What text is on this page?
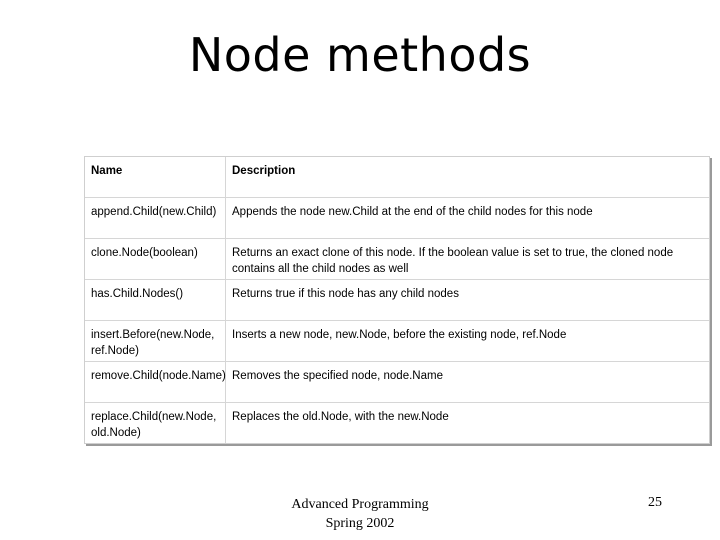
Node methods
Name	Description
append.Child(new.Child)	Appends the node new.Child at the end of the child nodes for this node
clone.Node(boolean)	Returns an exact clone of this node. If the boolean value is set to true, the cloned node contains all the child nodes as well
has.Child.Nodes()	Returns true if this node has any child nodes
insert.Before(new.Node, ref.Node)	Inserts a new node, new.Node, before the existing node, ref.Node
remove.Child(node.Name)	Removes the specified node, node.Name
replace.Child(new.Node, old.Node)	Replaces the old.Node, with the new.Node
Advanced Programming
Spring 2002
25
